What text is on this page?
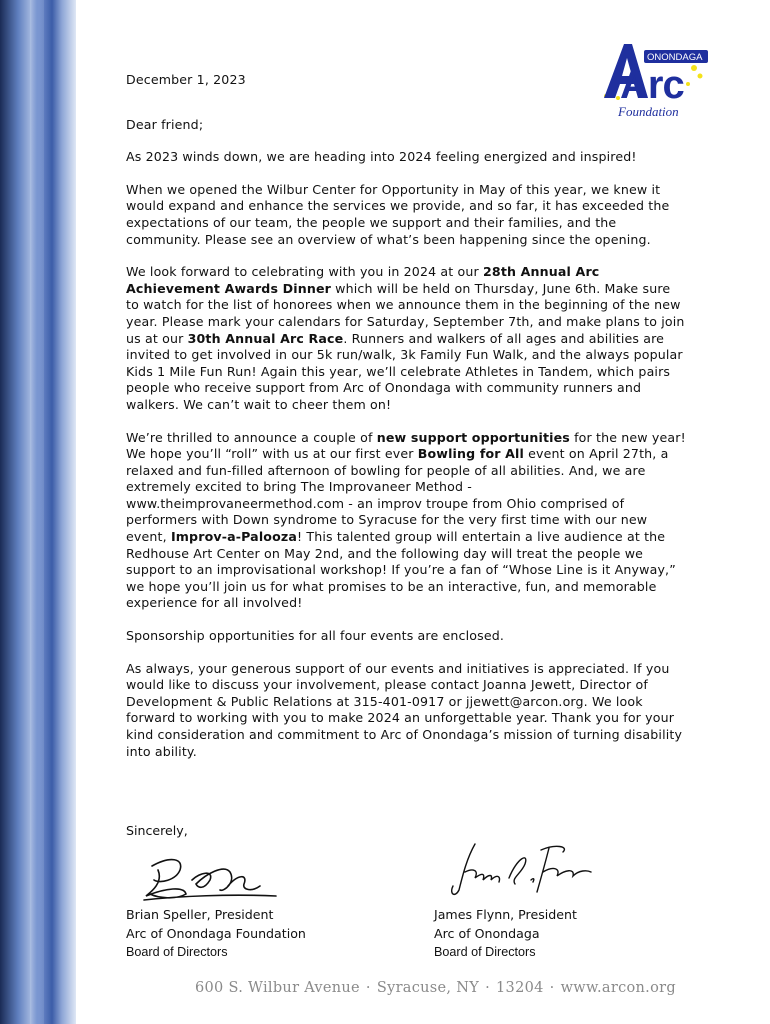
Arc
ONONDAGA
Foundation

December 1, 2023

Dear friend;

As 2023 winds down, we are heading into 2024 feeling energized and inspired!

When we opened the Wilbur Center for Opportunity in May of this year, we knew it would expand and enhance the services we provide, and so far, it has exceeded the expectations of our team, the people we support and their families, and the community. Please see an overview of what’s been happening since the opening.

We look forward to celebrating with you in 2024 at our 28th Annual Arc Achievement Awards Dinner which will be held on Thursday, June 6th. Make sure to watch for the list of honorees when we announce them in the beginning of the new year. Please mark your calendars for Saturday, September 7th, and make plans to join us at our 30th Annual Arc Race. Runners and walkers of all ages and abilities are invited to get involved in our 5k run/walk, 3k Family Fun Walk, and the always popular Kids 1 Mile Fun Run! Again this year, we’ll celebrate Athletes in Tandem, which pairs people who receive support from Arc of Onondaga with community runners and walkers. We can’t wait to cheer them on!

We’re thrilled to announce a couple of new support opportunities for the new year! We hope you’ll “roll” with us at our first ever Bowling for All event on April 27th, a relaxed and fun-filled afternoon of bowling for people of all abilities. And, we are extremely excited to bring The Improvaneer Method - www.theimprovaneermethod.com - an improv troupe from Ohio comprised of performers with Down syndrome to Syracuse for the very first time with our new event, Improv-a-Palooza! This talented group will entertain a live audience at the Redhouse Art Center on May 2nd, and the following day will treat the people we support to an improvisational workshop! If you’re a fan of “Whose Line is it Anyway,” we hope you’ll join us for what promises to be an interactive, fun, and memorable experience for all involved!

Sponsorship opportunities for all four events are enclosed.

As always, your generous support of our events and initiatives is appreciated. If you would like to discuss your involvement, please contact Joanna Jewett, Director of Development & Public Relations at 315-401-0917 or jjewett@arcon.org. We look forward to working with you to make 2024 an unforgettable year. Thank you for your kind consideration and commitment to Arc of Onondaga’s mission of turning disability into ability.

Sincerely,
Brian Speller, President
Arc of Onondaga Foundation
Board of Directors
James Flynn, President
Arc of Onondaga
Board of Directors
600 S. Wilbur Avenue · Syracuse, NY · 13204 · www.arcon.org
